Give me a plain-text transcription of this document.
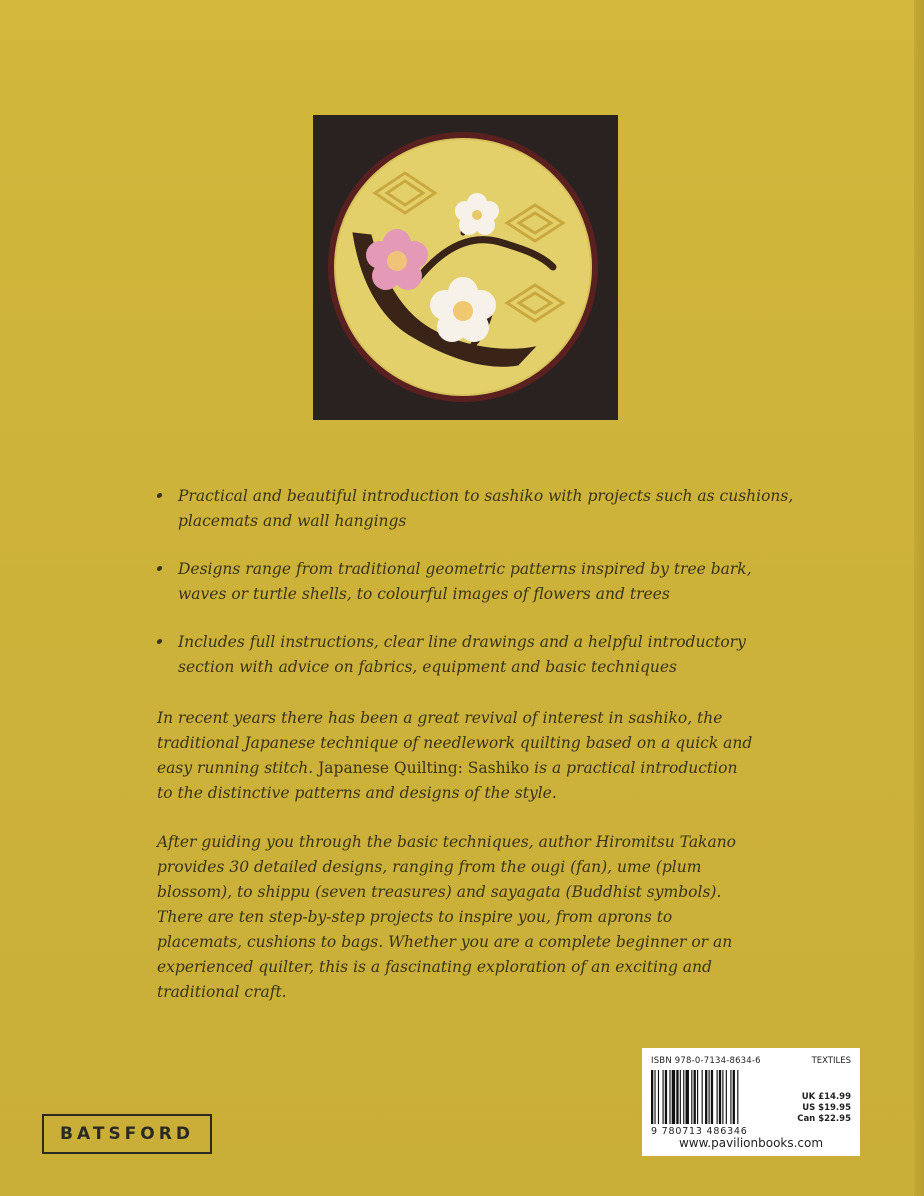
Practical and beautiful introduction to sashiko with projects such as cushions, placemats and wall hangings
Designs range from traditional geometric patterns inspired by tree bark, waves or turtle shells, to colourful images of flowers and trees
Includes full instructions, clear line drawings and a helpful introductory section with advice on fabrics, equipment and basic techniques

In recent years there has been a great revival of interest in sashiko, the traditional Japanese technique of needlework quilting based on a quick and easy running stitch. Japanese Quilting: Sashiko is a practical introduction to the distinctive patterns and designs of the style.

After guiding you through the basic techniques, author Hiromitsu Takano provides 30 detailed designs, ranging from the ougi (fan), ume (plum blossom), to shippu (seven treasures) and sayagata (Buddhist symbols). There are ten step-by-step projects to inspire you, from aprons to placemats, cushions to bags. Whether you are a complete beginner or an experienced quilter, this is a fascinating exploration of an exciting and traditional craft.

BATSFORD
ISBN 978-0-7134-8634-6	TEXTILES
9 780713 486346
UK £14.99
US $19.95
Can $22.95
www.pavilionbooks.com
